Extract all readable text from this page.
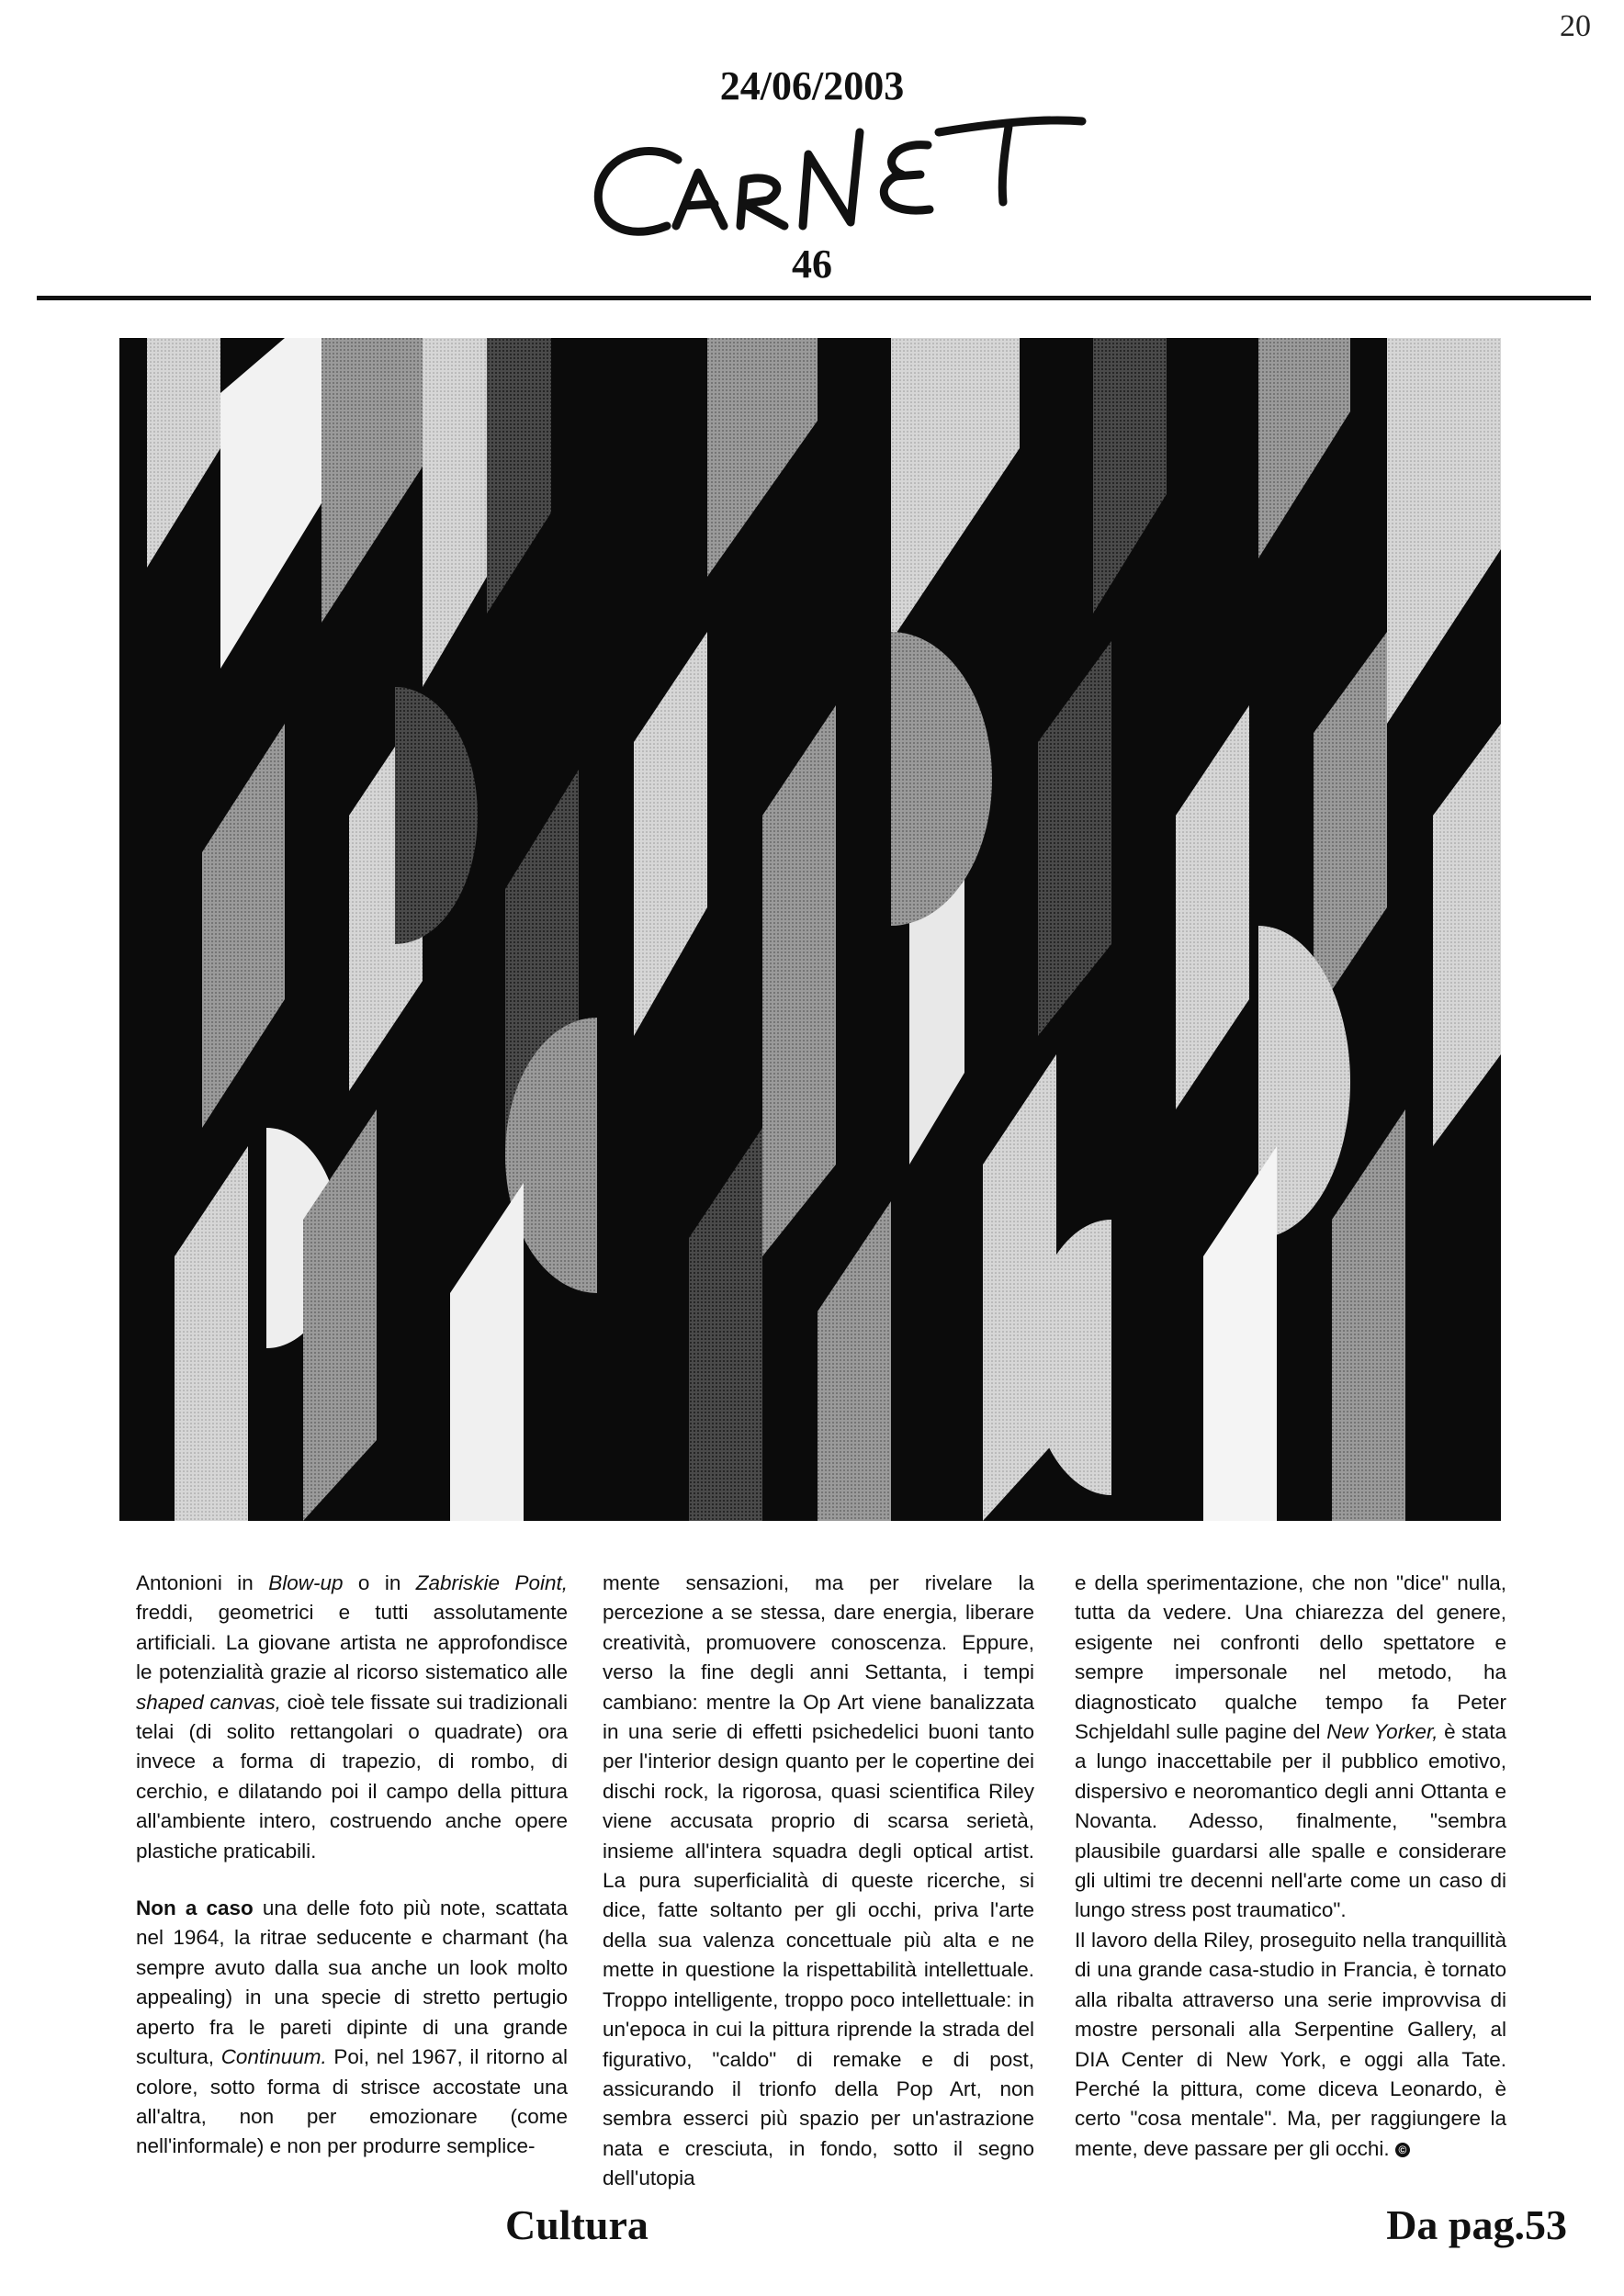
20
24/06/2003
46

Antonioni in Blow-up o in Zabriskie Point, freddi, geometrici e tutti assolutamente artificiali. La giovane artista ne approfondisce le potenzialità grazie al ricorso sistematico alle shaped canvas, cioè tele fissate sui tradizionali telai (di solito rettangolari o quadrate) ora invece a forma di trapezio, di rombo, di cerchio, e dilatando poi il campo della pittura all'ambiente intero, costruendo anche opere plastiche praticabili.

Non a caso una delle foto più note, scattata nel 1964, la ritrae seducente e charmant (ha sempre avuto dalla sua anche un look molto appealing) in una specie di stretto pertugio aperto fra le pareti dipinte di una grande scultura, Continuum. Poi, nel 1967, il ritorno al colore, sotto forma di strisce accostate una all'altra, non per emozionare (come nell'informale) e non per produrre semplice-

mente sensazioni, ma per rivelare la percezione a se stessa, dare energia, liberare creatività, promuovere conoscenza. Eppure, verso la fine degli anni Settanta, i tempi cambiano: mentre la Op Art viene banalizzata in una serie di effetti psichedelici buoni tanto per l'interior design quanto per le copertine dei dischi rock, la rigorosa, quasi scientifica Riley viene accusata proprio di scarsa serietà, insieme all'intera squadra degli optical artist. La pura superficialità di queste ricerche, si dice, fatte soltanto per gli occhi, priva l'arte della sua valenza concettuale più alta e ne mette in questione la rispettabilità intellettuale. Troppo intelligente, troppo poco intellettuale: in un'epoca in cui la pittura riprende la strada del figurativo, "caldo" di remake e di post, assicurando il trionfo della Pop Art, non sembra esserci più spazio per un'astrazione nata e cresciuta, in fondo, sotto il segno dell'utopia

e della sperimentazione, che non "dice" nulla, tutta da vedere. Una chiarezza del genere, esigente nei confronti dello spettatore e sempre impersonale nel metodo, ha diagnosticato qualche tempo fa Peter Schjeldahl sulle pagine del New Yorker, è stata a lungo inaccettabile per il pubblico emotivo, dispersivo e neoromantico degli anni Ottanta e Novanta. Adesso, finalmente, "sembra plausibile guardarsi alle spalle e considerare gli ultimi tre decenni nell'arte come un caso di lungo stress post traumatico".

Il lavoro della Riley, proseguito nella tranquillità di una grande casa-studio in Francia, è tornato alla ribalta attraverso una serie improvvisa di mostre personali alla Serpentine Gallery, al DIA Center di New York, e oggi alla Tate. Perché la pittura, come diceva Leonardo, è certo "cosa mentale". Ma, per raggiungere la mente, deve passare per gli occhi. ©

Cultura	Da pag.53
